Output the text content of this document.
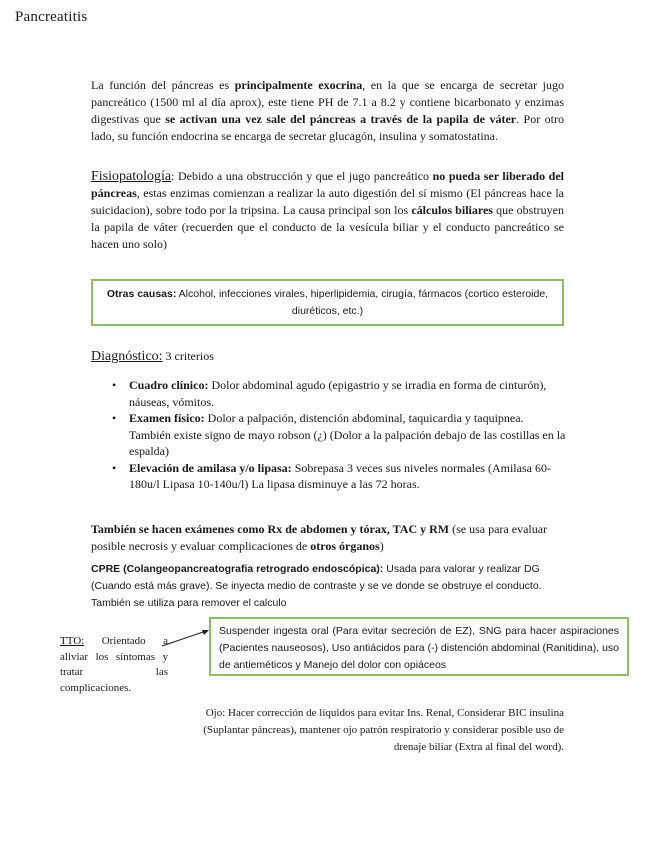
Pancreatitis

La función del páncreas es principalmente exocrina, en la que se encarga de secretar jugo pancreático (1500 ml al día aprox), este tiene PH de 7.1 a 8.2 y contiene bicarbonato y enzimas digestivas que se activan una vez sale del páncreas a través de la papila de váter. Por otro lado, su función endocrina se encarga de secretar glucagón, insulina y somatostatina.

Fisiopatología: Debido a una obstrucción y que el jugo pancreático no pueda ser liberado del páncreas, estas enzimas comienzan a realizar la auto digestión del sí mismo (El páncreas hace la suicidacion), sobre todo por la tripsina. La causa principal son los cálculos biliares que obstruyen la papila de váter (recuerden que el conducto de la vesícula biliar y el conducto pancreático se hacen uno solo)

Otras causas: Alcohol, infecciones virales, hiperlipidemia, cirugía, fármacos (cortico esteroide, diuréticos, etc.)
Diagnóstico: 3 criterios
• Cuadro clínico: Dolor abdominal agudo (epigastrio y se irradia en forma de cinturón), náuseas, vómitos.
• Examen físico: Dolor a palpación, distención abdominal, taquicardia y taquipnea. También existe signo de mayo robson (¿) (Dolor a la palpación debajo de las costillas en la espalda)
• Elevación de amilasa y/o lipasa: Sobrepasa 3 veces sus niveles normales (Amilasa 60-180u/l Lipasa 10-140u/l) La lipasa disminuye a las 72 horas.

También se hacen exámenes como Rx de abdomen y tórax, TAC y RM (se usa para evaluar posible necrosis y evaluar complicaciones de otros órganos)

CPRE (Colangeopancreatografia retrogrado endoscópica): Usada para valorar y realizar DG (Cuando está más grave). Se inyecta medio de contraste y se ve donde se obstruye el conducto. También se utiliza para remover el calculo

TTO: Orientado a aliviar los síntomas y tratar las complicaciones.

Suspender ingesta oral (Para evitar secreción de EZ), SNG para hacer aspiraciones (Pacientes nauseosos), Uso antiácidos para (-) distención abdominal (Ranitidina), uso de antieméticos y Manejo del dolor con opiáceos

Ojo: Hacer corrección de líquidos para evitar Ins. Renal, Considerar BIC insulina (Suplantar páncreas), mantener ojo patrón respiratorio y considerar posible uso de drenaje biliar (Extra al final del word).
